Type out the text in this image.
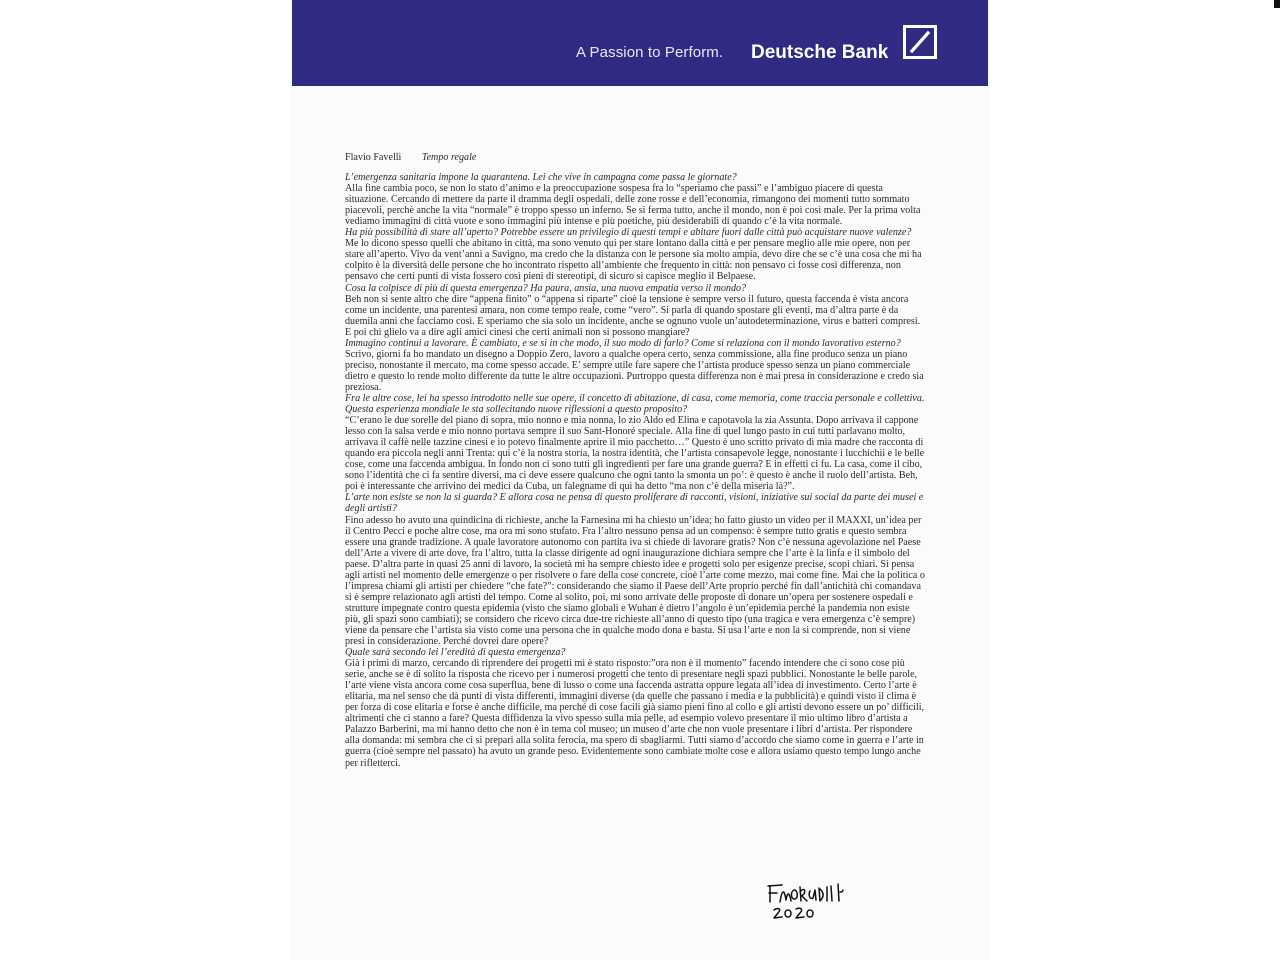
A Passion to Perform. Deutsche Bank
Flavio Favelli Tempo regale
L’emergenza sanitaria impone la quarantena. Lei che vive in campagna come passa le giornate?
Alla fine cambia poco, se non lo stato d’animo e la preoccupazione sospesa fra lo “speriamo che passi” e l’ambiguo piacere di questa situazione. Cercando di mettere da parte il dramma degli ospedali, delle zone rosse e dell’economia, rimangono dei momenti tutto sommato piacevoli, perchè anche la vita “normale” è troppo spesso un inferno. Se si ferma tutto, anche il mondo, non è poi così male. Per la prima volta vediamo immagini di città vuote e sono immagini più intense e più poetiche, più desiderabili di quando c’è la vita normale.
Ha più possibilità di stare all’aperto? Potrebbe essere un privilegio di questi tempi e abitare fuori dalle città può acquistare nuove valenze?
Me lo dicono spesso quelli che abitano in città, ma sono venuto qui per stare lontano dalla città e per pensare meglio alle mie opere, non per stare all’aperto. Vivo da vent’anni a Savigno, ma credo che la distanza con le persone sia molto ampia, devo dire che se c’è una cosa che mi ha colpito è la diversità delle persone che ho incontrato rispetto all’ambiente che frequento in città: non pensavo ci fosse così differenza, non pensavo che certi punti di vista fossero così pieni di stereotipi, di sicuro si capisce meglio il Belpaese.
Cosa la colpisce di più di questa emergenza? Ha paura, ansia, una nuova empatia verso il mondo?
Beh non si sente altro che dire “appena finito” o “appena si riparte” cioè la tensione è sempre verso il futuro, questa faccenda è vista ancora come un incidente, una parentesi amara, non come tempo reale, come “vero”. Si parla di quando spostare gli eventi, ma d’altra parte è da duemila anni che facciamo così. E speriamo che sia solo un incidente, anche se ognuno vuole un’autodeterminazione, virus e batteri compresi. E poi chi glielo va a dire agli amici cinesi che certi animali non si possono mangiare?
Immagino continui a lavorare. È cambiato, e se sì in che modo, il suo modo di farlo? Come si relaziona con il mondo lavorativo esterno?
Scrivo, giorni fa ho mandato un disegno a Doppio Zero, lavoro a qualche opera certo, senza commissione, alla fine produco senza un piano preciso, nonostante il mercato, ma come spesso accade. E’ sempre utile fare sapere che l’artista produce spesso senza un piano commerciale dietro e questo lo rende molto differente da tutte le altre occupazioni. Purtroppo questa differenza non è mai presa in considerazione e credo sia preziosa.
Fra le altre cose, lei ha spesso introdotto nelle sue opere, il concetto di abitazione, di casa, come memoria, come traccia personale e collettiva. Questa esperienza mondiale le sta sollecitando nuove riflessioni a questo proposito?
“C’erano le due sorelle del piano di sopra, mio nonno e mia nonna, lo zio Aldo ed Elina e capotavola la zia Assunta. Dopo arrivava il cappone lesso con la salsa verde e mio nonno portava sempre il suo Sant-Honoré speciale. Alla fine di quel lungo pasto in cui tutti parlavano molto, arrivava il caffè nelle tazzine cinesi e io potevo finalmente aprire il mio pacchetto…” Questo è uno scritto privato di mia madre che racconta di quando era piccola negli anni Trenta: qui c’è la nostra storia, la nostra identità, che l’artista consapevole legge, nonostante i lucchichii e le belle cose, come una faccenda ambigua. In fondo non ci sono tutti gli ingredienti per fare una grande guerra? E in effetti ci fu. La casa, come il cibo, sono l’identità che ci fa sentire diversi, ma ci deve essere qualcuno che ogni tanto la smonta un po’: è questo è anche il ruolo dell’artista. Beh, poi è interessante che arrivino dei medici da Cuba, un falegname di qui ha detto “ma non c’è della miseria là?”.
L’arte non esiste se non la si guarda? E allora cosa ne pensa di questo proliferare di racconti, visioni, iniziative sui social da parte dei musei e degli artisti?
Fino adesso ho avuto una quindicina di richieste, anche la Farnesina mi ha chiesto un’idea; ho fatto giusto un video per il MAXXI, un’idea per il Centro Pecci e poche altre cose, ma ora mi sono stufato. Fra l’altro nessuno pensa ad un compenso: è sempre tutto gratis e questo sembra essere una grande tradizione. A quale lavoratore autonomo con partita iva si chiede di lavorare gratis? Non c’è nessuna agevolazione nel Paese dell’Arte a vivere di arte dove, fra l’altro, tutta la classe dirigente ad ogni inaugurazione dichiara sempre che l’arte è la linfa e il simbolo del paese. D’altra parte in quasi 25 anni di lavoro, la società mi ha sempre chiesto idee e progetti solo per esigenze precise, scopi chiari. Si pensa agli artisti nel momento delle emergenze o per risolvere o fare della cose concrete, cioè l’arte come mezzo, mai come fine. Mai che la politica o l’impresa chiami gli artisti per chiedere “che fate?”: considerando che siamo il Paese dell’Arte proprio perché fin dall’antichità chi comandava si è sempre relazionato agli artisti del tempo. Come al solito, poi, mi sono arrivate delle proposte di donare un’opera per sostenere ospedali e strutture impegnate contro questa epidemia (visto che siamo globali e Wuhan è dietro l’angolo è un’epidemia perché la pandemia non esiste più, gli spazi sono cambiati); se considero che ricevo circa due-tre richieste all’anno di questo tipo (una tragica e vera emergenza c’è sempre) viene da pensare che l’artista sia visto come una persona che in qualche modo dona e basta. Si usa l’arte e non la si comprende, non si viene presi in considerazione. Perché dovrei dare opere?
Quale sarà secondo lei l’eredità di questa emergenza?
Già i primi di marzo, cercando di riprendere dei progetti mi è stato risposto:”ora non è il momento” facendo intendere che ci sono cose più serie, anche se è di solito la risposta che ricevo per i numerosi progetti che tento di presentare negli spazi pubblici. Nonostante le belle parole, l’arte viene vista ancora come cosa superflua, bene di lusso o come una faccenda astratta oppure legata all’idea di investimento. Certo l’arte è elitaria, ma nel senso che dà punti di vista differenti, immagini diverse (da quelle che passano i media e la pubblicità) e quindi visto il clima è per forza di cose elitaria e forse è anche difficile, ma perché di cose facili già siamo pieni fino al collo e gli artisti devono essere un po’ difficili, altrimenti che ci stanno a fare? Questa diffidenza la vivo spesso sulla mia pelle, ad esempio volevo presentare il mio ultimo libro d’artista a Palazzo Barberini, ma mi hanno detto che non è in tema col museo; un museo d’arte che non vuole presentare i libri d’artista. Per rispondere alla domanda: mi sembra che ci si prepari alla solita ferocia, ma spero di sbagliarmi. Tutti siamo d’accordo che siamo come in guerra e l’arte in guerra (cioè sempre nel passato) ha avuto un grande peso. Evidentemente sono cambiate molte cose e allora usiamo questo tempo lungo anche per rifletterci.
